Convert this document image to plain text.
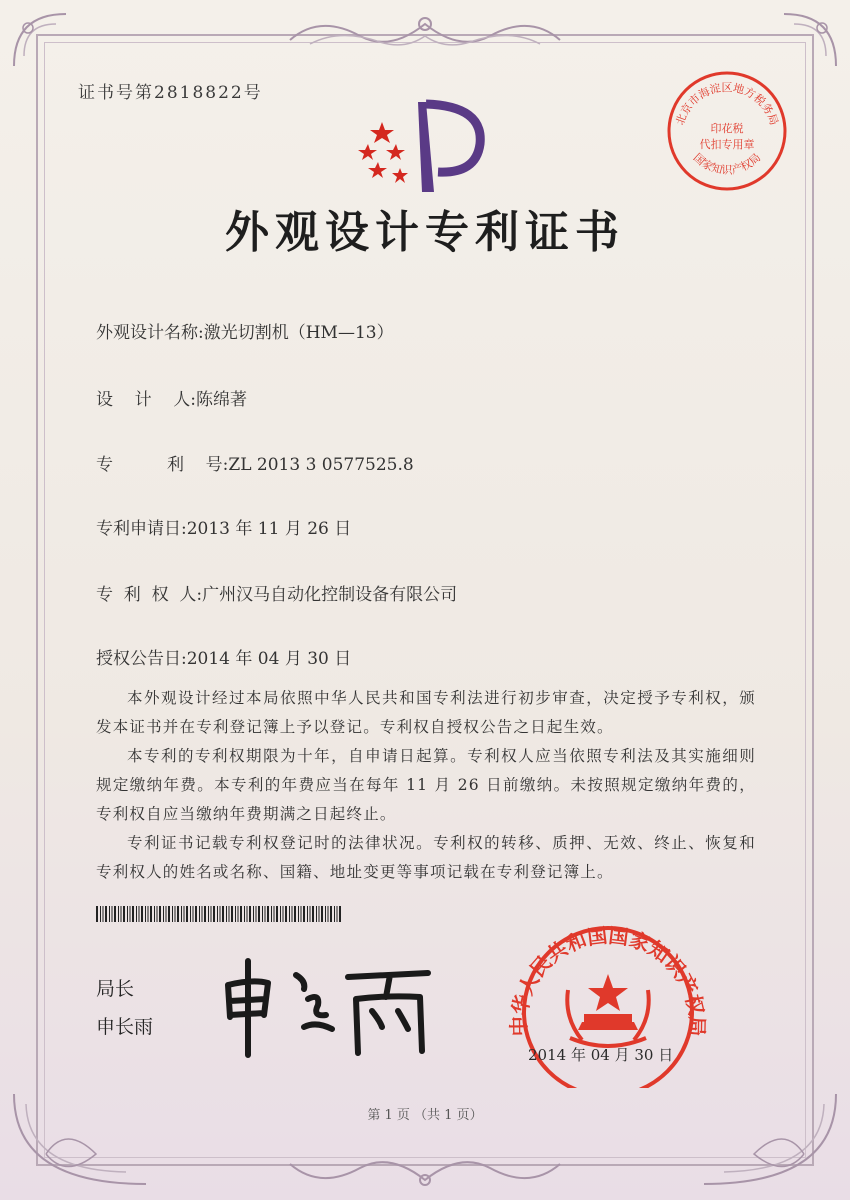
证书号第2818822号
北京市海淀区地方税务局
印花税
代扣专用章
国家知识产权局
外观设计专利证书
外观设计名称:激光切割机（HM—13）
设    计    人:陈绵著
专          利    号:ZL 2013 3 0577525.8
专利申请日:2013 年 11 月 26 日
专  利  权  人:广州汉马自动化控制设备有限公司
授权公告日:2014 年 04 月 30 日

本外观设计经过本局依照中华人民共和国专利法进行初步审查，决定授予专利权，颁发本证书并在专利登记簿上予以登记。专利权自授权公告之日起生效。

本专利的专利权期限为十年，自申请日起算。专利权人应当依照专利法及其实施细则规定缴纳年费。本专利的年费应当在每年 11 月 26 日前缴纳。未按照规定缴纳年费的，专利权自应当缴纳年费期满之日起终止。

专利证书记载专利权登记时的法律状况。专利权的转移、质押、无效、终止、恢复和专利权人的姓名或名称、国籍、地址变更等事项记载在专利登记簿上。

局长
申长雨	中华人民共和国国家知识产权局
2014 年 04 月 30 日
第 1 页 （共 1 页）
